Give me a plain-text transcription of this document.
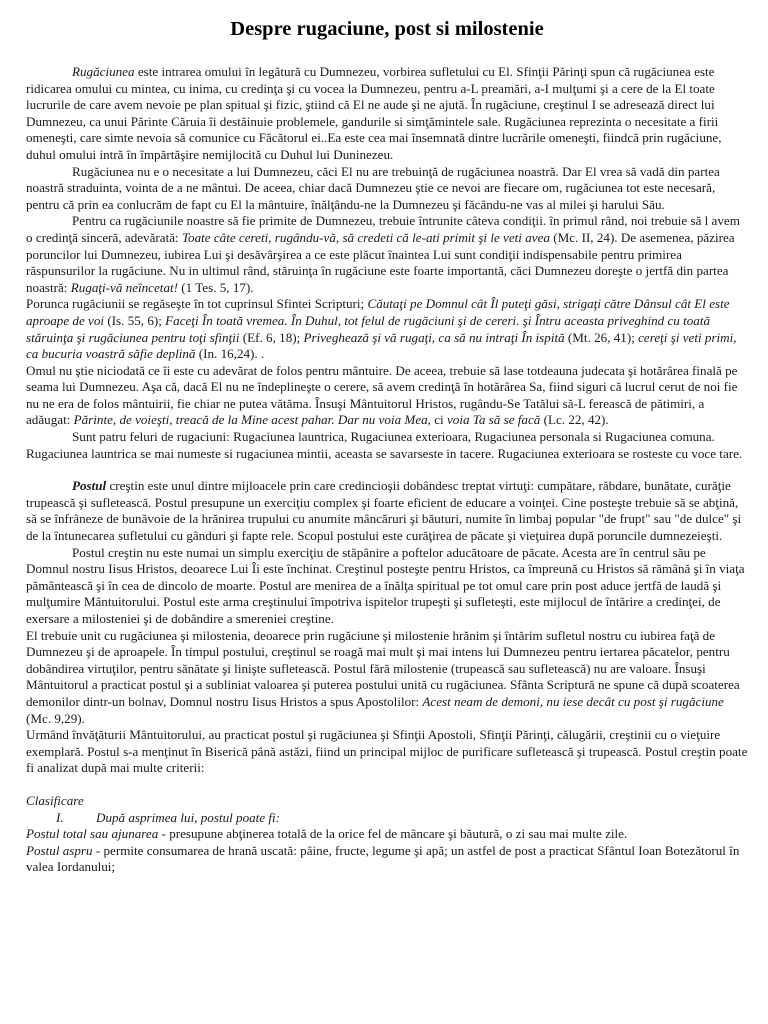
Despre rugaciune, post si milostenie

Rugăciunea este intrarea omului în legătură cu Dumnezeu, vorbirea sufletului cu El. Sfinţii Părinţi spun că rugăciunea este ridicarea omului cu mintea, cu inima, cu credinţa şi cu vocea la Dumnezeu, pentru a-L preamări, a-I mulţumi şi a cere de la El toate lucrurile de care avem nevoie pe plan spitual şi fizic, ştiind că El ne aude şi ne ajută. În rugăciune, creştinul I se adresează direct lui Dumnezeu, ca unui Părinte Căruia îi destăinuie problemele, gandurile si simţămintele sale. Rugăciunea reprezinta o necesitate a firii omeneşti, care simte nevoia să comunice cu Făcătorul ei..Ea este cea mai însemnată dintre lucrările omeneşti, fiindcă prin rugăciune, duhul omului intră în împărtăşire nemijlocită cu Duhul lui Duninezeu.

Rugăciunea nu e o necesitate a lui Dumnezeu, căci El nu are trebuinţă de rugăciunea noastră. Dar El vrea să vadă din partea noastră straduinta, vointa de a ne mântui. De aceea, chiar dacă Dumnezeu ştie ce nevoi are fiecare om, rugăciunea tot este necesară, pentru că prin ea conlucrăm de fapt cu El la mântuire, înălţându-ne la Dumnezeu şi făcându-ne vas al milei şi harului Său.

Pentru ca rugăciunile noastre să fie primite de Dumnezeu, trebuie întrunite câteva condiţii. în primul rând, noi trebuie să l avem o credinţă sinceră, adevărată: Toate câte cereti, rugându-vă, să credeti că le-ati primit şi le veti avea (Mc. II, 24). De asemenea, păzirea poruncilor lui Dumnezeu, iubirea Lui şi desăvârşirea a ce este plăcut înaintea Lui sunt condiţii indispensabile pentru primirea răspunsurilor la rugăciune. Nu in ultimul rând, stăruinţa în rugăciune este foarte importantă, căci Dumnezeu doreşte o jertfă din partea noastră: Rugaţi-vă neîncetat! (1 Tes. 5, 17).

Porunca rugăciunii se regăseşte în tot cuprinsul Sfintei Scripturi; Căutaţi pe Domnul cât Îl puteţi găsi, strigaţi către Dânsul cât El este aproape de voi (Is. 55, 6); Faceţi În toată vremea. În Duhul, tot felul de rugăciuni şi de cereri. şi Întru aceasta priveghind cu toată stăruinţa şi rugăciunea pentru toţi sfinţii (Ef. 6, 18); Priveghează şi vă rugaţi, ca să nu intraţi În ispită (Mt. 26, 41); cereţi şi veti primi, ca bucuria voastră săfie deplină (In. 16,24). .

Omul nu ştie niciodată ce îi este cu adevărat de folos pentru mântuire. De aceea, trebuie să lase totdeauna judecata şi hotărârea finală pe seama lui Dumnezeu. Aşa că, dacă El nu ne îndeplineşte o cerere, să avem credinţă în hotărârea Sa, fiind siguri că lucrul cerut de noi fie nu ne era de folos mântuirii, fie chiar ne putea vătăma. Însuşi Mântuitorul Hristos, rugându-Se Tatălui să-L ferească de pătimiri, a adăugat: Părinte, de voieşti, treacă de la Mine acest pahar. Dar nu voia Mea, ci voia Ta să se facă (Lc. 22, 42).

Sunt patru feluri de rugaciuni: Rugaciunea launtrica, Rugaciunea exterioara, Rugaciunea personala si Rugaciunea comuna.

Rugaciunea launtrica se mai numeste si rugaciunea mintii, aceasta se savarseste in tacere. Rugaciunea exterioara se rosteste cu voce tare.

Postul creştin este unul dintre mijloacele prin care credincioşii dobândesc treptat virtuţi: cumpătare, răbdare, bunătate, curăţie trupească şi sufletească. Postul presupune un exerciţiu complex şi foarte eficient de educare a voinţei. Cine posteşte trebuie să se abţină, să se înfrâneze de bunăvoie de la hrănirea trupului cu anumite mâncăruri şi băuturi, numite în limbaj popular "de frupt" sau "de dulce" şi de la întunecarea sufletului cu gânduri şi fapte rele. Scopul postului este curăţirea de păcate şi vieţuirea după poruncile dumnezeieşti.

Postul creştin nu este numai un simplu exerciţiu de stăpânire a poftelor aducătoare de păcate. Acesta are în centrul său pe Domnul nostru Iisus Hristos, deoarece Lui Îi este închinat. Creştinul posteşte pentru Hristos, ca împreună cu Hristos să rămână şi în viaţa pământească şi în cea de dincolo de moarte. Postul are menirea de a înălţa spiritual pe tot omul care prin post aduce jertfă de laudă şi mulţumire Mântuitorului. Postul este arma creştinului împotriva ispitelor trupeşti şi sufleteşti, este mijlocul de întărire a credinţei, de exersare a milosteniei şi de dobândire a smereniei creştine.

El trebuie unit cu rugăciunea şi milostenia, deoarece prin rugăciune şi milostenie hrănim şi întărim sufletul nostru cu iubirea faţă de Dumnezeu şi de aproapele. În timpul postului, creştinul se roagă mai mult şi mai intens lui Dumnezeu pentru iertarea păcatelor, pentru dobândirea virtuţilor, pentru sănătate şi linişte sufletească. Postul fără milostenie (trupească sau sufletească) nu are valoare. Însuşi Mântuitorul a practicat postul şi a subliniat valoarea şi puterea postului unită cu rugăciunea. Sfânta Scriptură ne spune că după scoaterea demonilor dintr-un bolnav, Domnul nostru Iisus Hristos a spus Apostolilor: Acest neam de demoni, nu iese decât cu post şi rugăciune (Mc. 9,29).

Urmând învăţăturii Mântuitorului, au practicat postul şi rugăciunea şi Sfinţii Apostoli, Sfinţii Părinţi, călugării, creştinii cu o vieţuire exemplară. Postul s-a menţinut în Biserică până astăzi, fiind un principal mijloc de purificare sufletească şi trupească. Postul creştin poate fi analizat după mai multe criterii:

Clasificare

I. După asprimea lui, postul poate fi:

Postul total sau ajunarea - presupune abţinerea totală de la orice fel de mâncare şi băutură, o zi sau mai multe zile.

Postul aspru - permite consumarea de hrană uscată: pâine, fructe, legume şi apă; un astfel de post a practicat Sfântul Ioan Botezătorul în valea Iordanului;
